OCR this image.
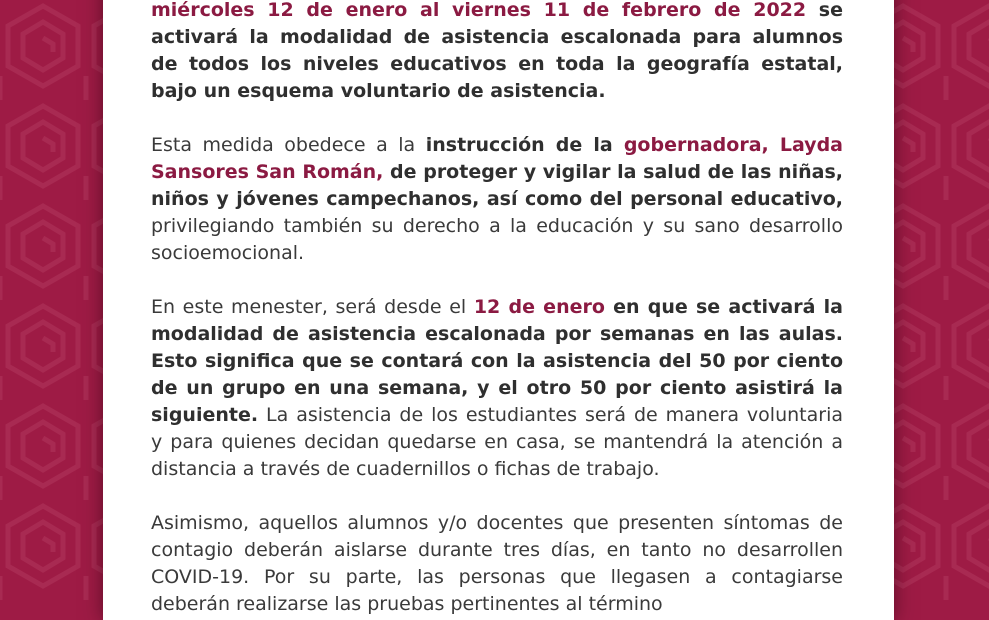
miércoles 12 de enero al viernes 11 de febrero de 2022 se activará la modalidad de asistencia escalonada para alumnos de todos los niveles educativos en toda la geografía estatal, bajo un esquema voluntario de asistencia.

Esta medida obedece a la instrucción de la gobernadora, Layda Sansores San Román, de proteger y vigilar la salud de las niñas, niños y jóvenes campechanos, así como del personal educativo, privilegiando también su derecho a la educación y su sano desarrollo socioemocional.

En este menester, será desde el 12 de enero en que se activará la modalidad de asistencia escalonada por semanas en las aulas. Esto significa que se contará con la asistencia del 50 por ciento de un grupo en una semana, y el otro 50 por ciento asistirá la siguiente. La asistencia de los estudiantes será de manera voluntaria y para quienes decidan quedarse en casa, se mantendrá la atención a distancia a través de cuadernillos o fichas de trabajo.

Asimismo, aquellos alumnos y/o docentes que presenten síntomas de contagio deberán aislarse durante tres días, en tanto no desarrollen COVID-19. Por su parte, las personas que llegasen a contagiarse deberán realizarse las pruebas pertinentes al término
